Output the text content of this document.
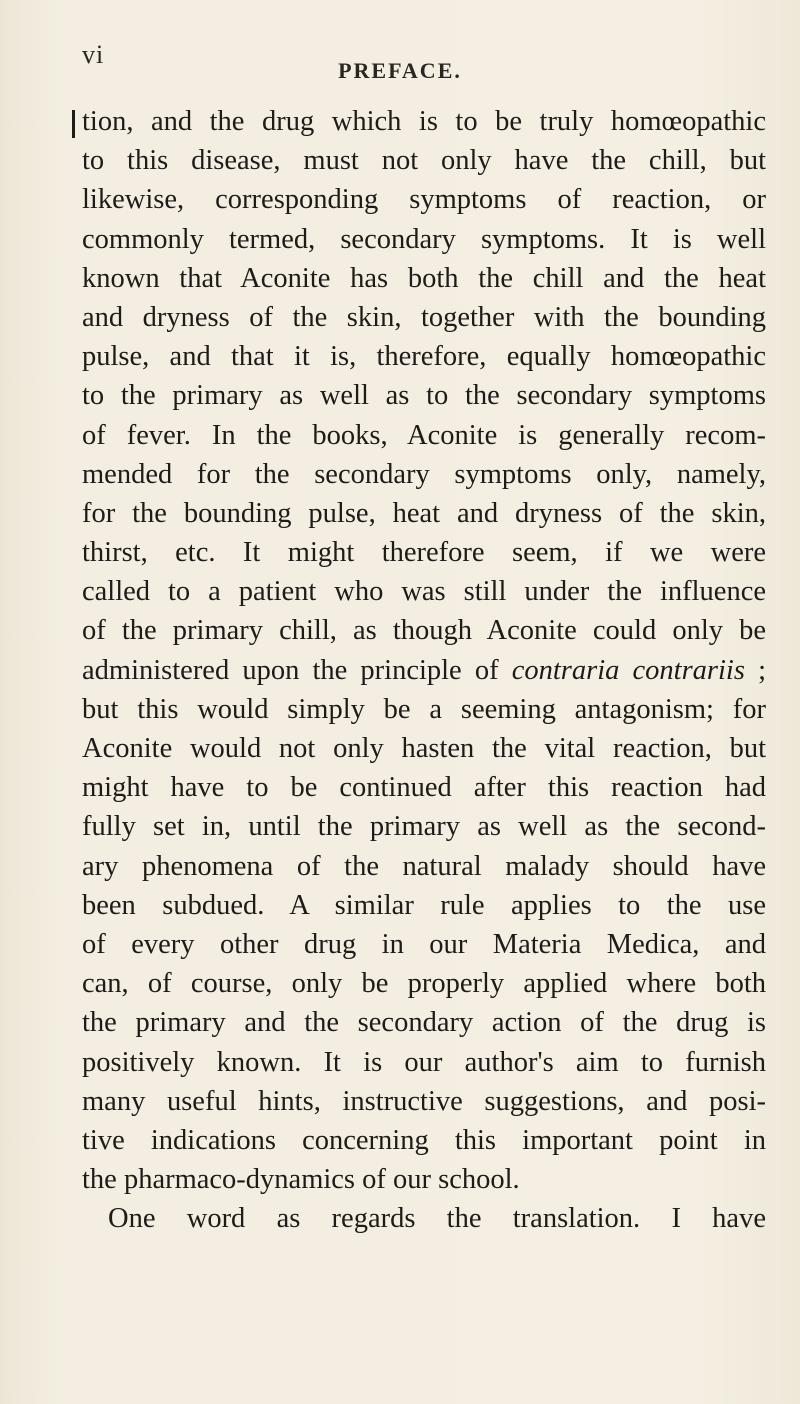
vi
PREFACE.
tion, and the drug which is to be truly homœopathic
to this disease, must not only have the chill, but
likewise, corresponding symptoms of reaction, or
commonly termed, secondary symptoms. It is well
known that Aconite has both the chill and the heat
and dryness of the skin, together with the bounding
pulse, and that it is, therefore, equally homœopathic
to the primary as well as to the secondary symptoms
of fever. In the books, Aconite is generally recom-
mended for the secondary symptoms only, namely,
for the bounding pulse, heat and dryness of the skin,
thirst, etc. It might therefore seem, if we were
called to a patient who was still under the influence
of the primary chill, as though Aconite could only be
administered upon the principle of contraria contrariis ;
but this would simply be a seeming antagonism; for
Aconite would not only hasten the vital reaction, but
might have to be continued after this reaction had
fully set in, until the primary as well as the second-
ary phenomena of the natural malady should have
been subdued. A similar rule applies to the use
of every other drug in our Materia Medica, and
can, of course, only be properly applied where both
the primary and the secondary action of the drug is
positively known. It is our author's aim to furnish
many useful hints, instructive suggestions, and posi-
tive indications concerning this important point in
the pharmaco-dynamics of our school.
One word as regards the translation. I have
